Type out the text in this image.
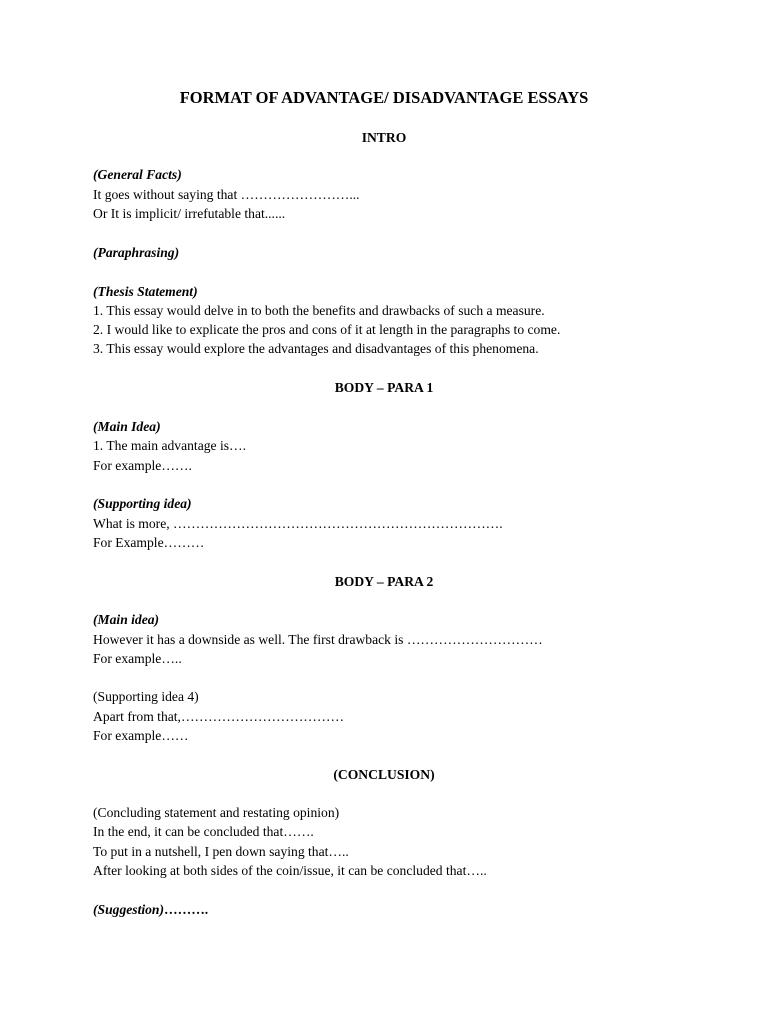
FORMAT OF ADVANTAGE/ DISADVANTAGE ESSAYS
INTRO
(General Facts)
It goes without saying that ……………………...
Or It is implicit/ irrefutable that......
(Paraphrasing)
(Thesis Statement)
1. This essay would delve in to both the benefits and drawbacks of such a measure.
2. I would like to explicate the pros and cons of it at length in the paragraphs to come.
3. This essay would explore the advantages and disadvantages of this phenomena.
BODY – PARA 1
(Main Idea)
1. The main advantage is….
For example…….
(Supporting idea)
What is more, ……………………………………………………………….
For Example………
BODY – PARA 2
(Main idea)
However it has a downside as well. The first drawback is …………………………
For example…..
(Supporting idea 4)
Apart from that,………………………………
For example……
(CONCLUSION)
(Concluding statement and restating opinion)
In the end, it can be concluded that…….
To put in a nutshell, I pen down saying that…..
After looking at both sides of the coin/issue, it can be concluded that…..
(Suggestion)……….
